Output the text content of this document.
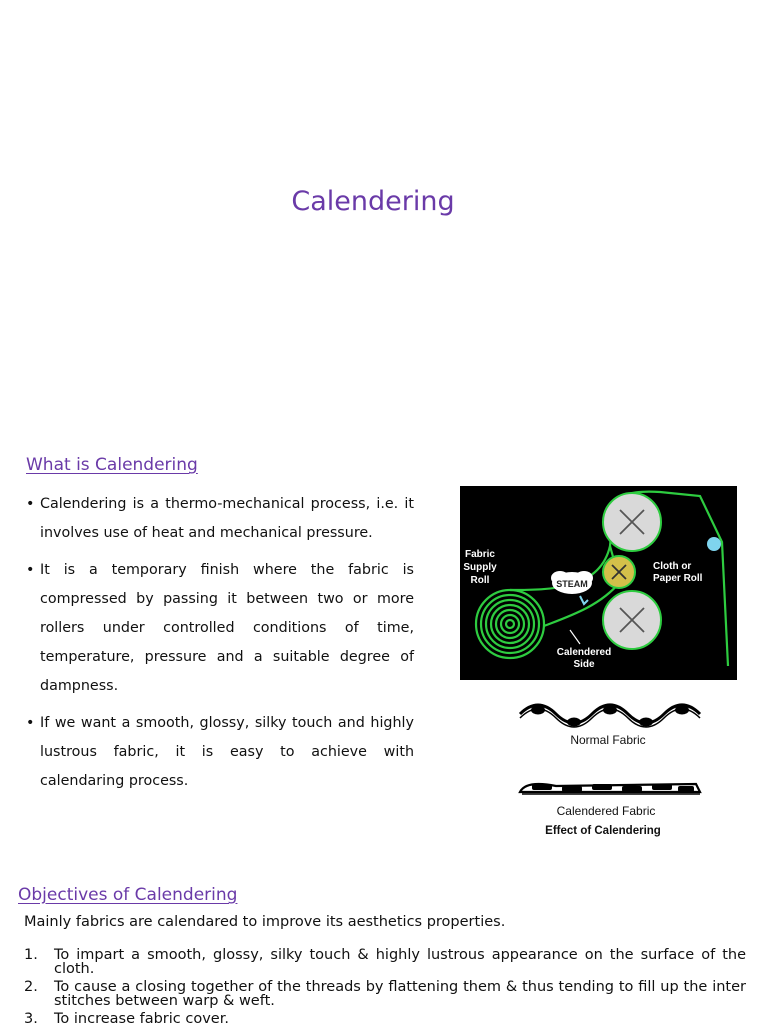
Calendering
What is Calendering
• Calendering is a thermo-mechanical process, i.e. it involves use of heat and mechanical pressure.
• It is a temporary finish where the fabric is compressed by passing it between two or more rollers under controlled conditions of time, temperature, pressure and a suitable degree of dampness.
• If we want a smooth, glossy, silky touch and highly lustrous fabric, it is easy to achieve with calendaring process.
STEAM
Fabric
Supply
Roll
Cloth or
Paper Roll
Calendered
Side
Normal Fabric
Calendered Fabric
Effect of Calendering
Objectives of Calendering
Mainly fabrics are calendared to improve its aesthetics properties.
1. To impart a smooth, glossy, silky touch & highly lustrous appearance on the surface of the cloth.
2. To cause a closing together of the threads by flattening them & thus tending to fill up the inter stitches between warp & weft.
3. To increase fabric cover.
